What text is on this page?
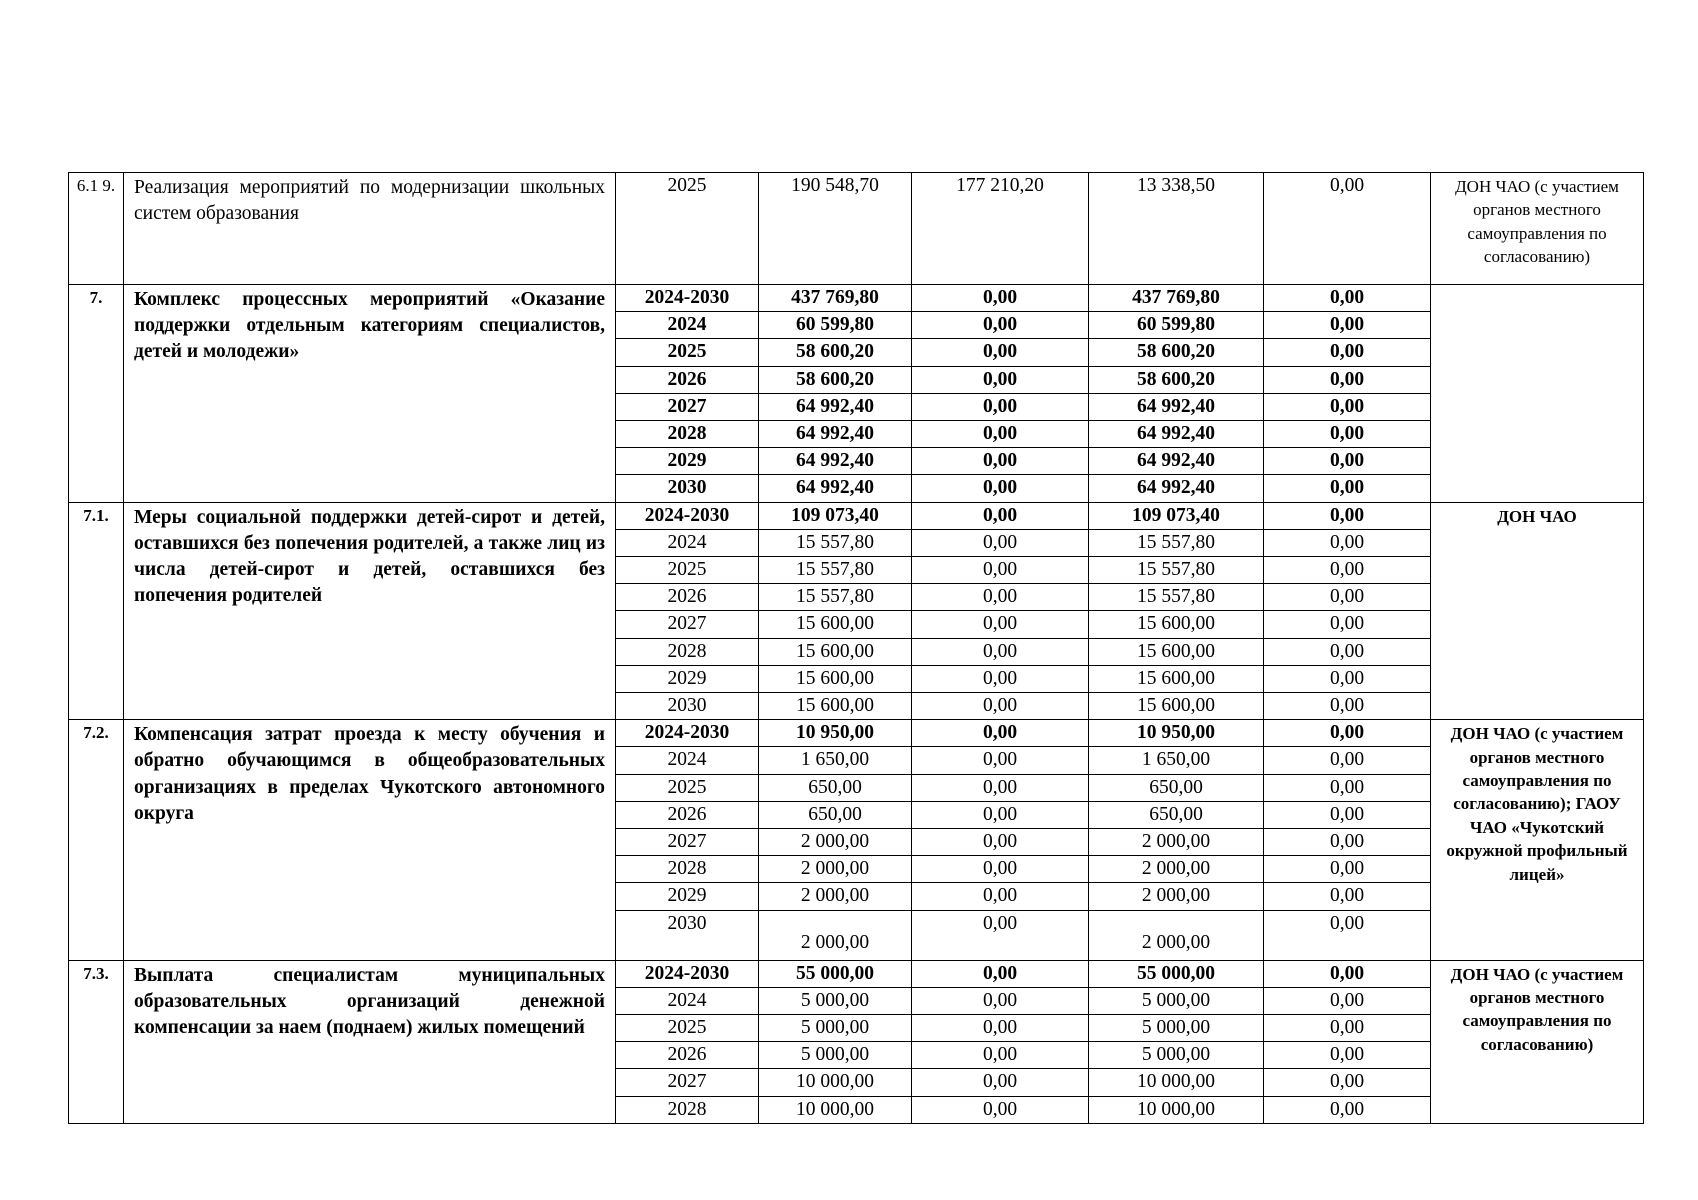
6.1 9.	Реализация мероприятий по модернизации школьных систем образования	2025	190 548,70	177 210,20	13 338,50	0,00	ДОН ЧАО (с участием органов местного самоуправления по согласованию)
7.	Комплекс процессных мероприятий «Оказание поддержки отдельным категориям специалистов, детей и молодежи»	2024-2030	437 769,80	0,00	437 769,80	0,00	
		2024	60 599,80	0,00	60 599,80	0,00	
		2025	58 600,20	0,00	58 600,20	0,00	
		2026	58 600,20	0,00	58 600,20	0,00	
		2027	64 992,40	0,00	64 992,40	0,00	
		2028	64 992,40	0,00	64 992,40	0,00	
		2029	64 992,40	0,00	64 992,40	0,00	
		2030	64 992,40	0,00	64 992,40	0,00	
7.1.	Меры социальной поддержки детей-сирот и детей, оставшихся без попечения родителей, а также лиц из числа детей-сирот и детей, оставшихся без попечения родителей	2024-2030	109 073,40	0,00	109 073,40	0,00	ДОН ЧАО
		2024	15 557,80	0,00	15 557,80	0,00	
		2025	15 557,80	0,00	15 557,80	0,00	
		2026	15 557,80	0,00	15 557,80	0,00	
		2027	15 600,00	0,00	15 600,00	0,00	
		2028	15 600,00	0,00	15 600,00	0,00	
		2029	15 600,00	0,00	15 600,00	0,00	
		2030	15 600,00	0,00	15 600,00	0,00	
7.2.	Компенсация затрат проезда к месту обучения и обратно обучающимся в общеобразовательных организациях в пределах Чукотского автономного округа	2024-2030	10 950,00	0,00	10 950,00	0,00	ДОН ЧАО (с участием органов местного самоуправления по согласованию); ГАОУ ЧАО «Чукотский окружной профильный лицей»
		2024	1 650,00	0,00	1 650,00	0,00	
		2025	650,00	0,00	650,00	0,00	
		2026	650,00	0,00	650,00	0,00	
		2027	2 000,00	0,00	2 000,00	0,00	
		2028	2 000,00	0,00	2 000,00	0,00	
		2029	2 000,00	0,00	2 000,00	0,00	
		2030	2 000,00	0,00	2 000,00	0,00	
7.3.	Выплата специалистам муниципальных образовательных организаций денежной компенсации за наем (поднаем) жилых помещений	2024-2030	55 000,00	0,00	55 000,00	0,00	ДОН ЧАО (с участием органов местного самоуправления по согласованию)
		2024	5 000,00	0,00	5 000,00	0,00	
		2025	5 000,00	0,00	5 000,00	0,00	
		2026	5 000,00	0,00	5 000,00	0,00	
		2027	10 000,00	0,00	10 000,00	0,00	
		2028	10 000,00	0,00	10 000,00	0,00	
